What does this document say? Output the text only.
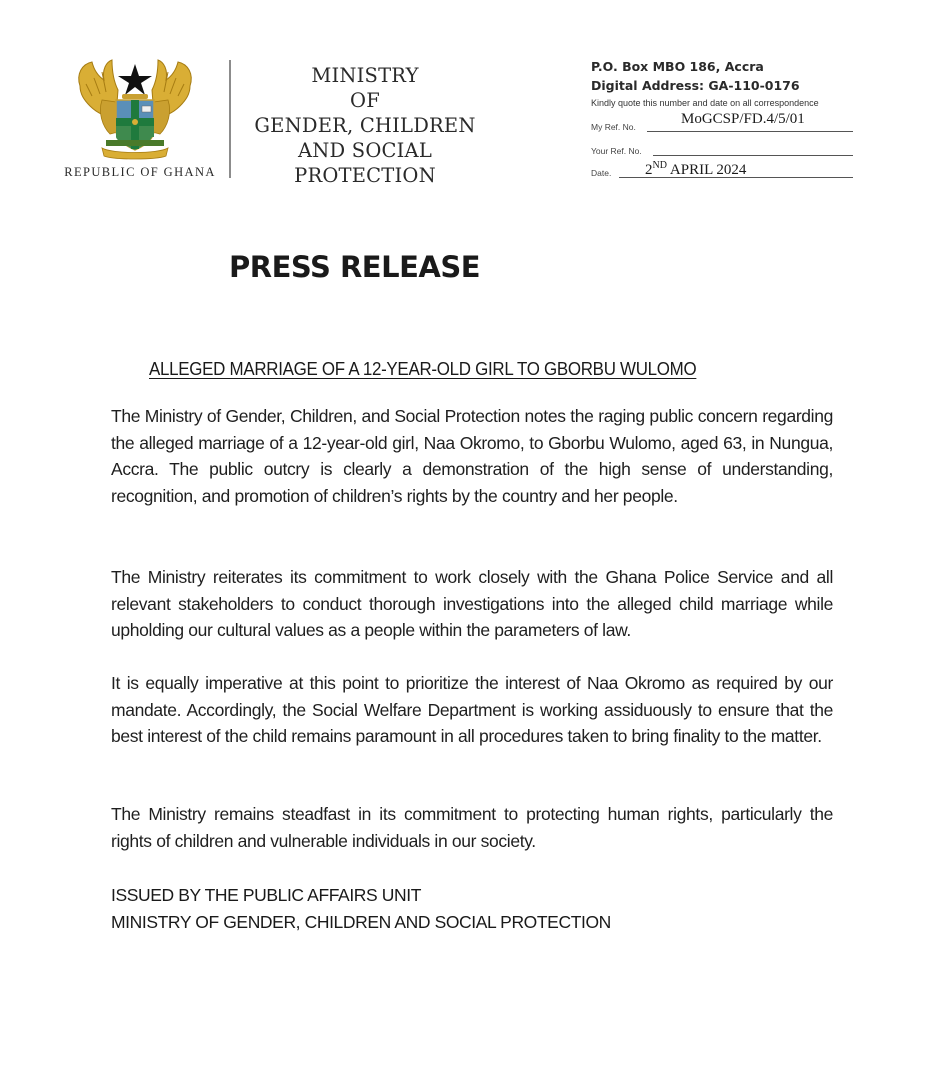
REPUBLIC OF GHANA
MINISTRY
OF
GENDER, CHILDREN
AND SOCIAL
PROTECTION
P.O. Box MBO 186, Accra
Digital Address: GA-110-0176
Kindly quote this number and date on all correspondence
My Ref. No.	MoGCSP/FD.4/5/01
Your Ref. No.
Date. 2ND APRIL 2024
PRESS RELEASE
ALLEGED MARRIAGE OF A 12-YEAR-OLD GIRL TO GBORBU WULOMO
The Ministry of Gender, Children, and Social Protection notes the raging public concern regarding the alleged marriage of a 12-year-old girl, Naa Okromo, to Gborbu Wulomo, aged 63, in Nungua, Accra. The public outcry is clearly a demonstration of the high sense of understanding, recognition, and promotion of children’s rights by the country and her people.
The Ministry reiterates its commitment to work closely with the Ghana Police Service and all relevant stakeholders to conduct thorough investigations into the alleged child marriage while upholding our cultural values as a people within the parameters of law.
It is equally imperative at this point to prioritize the interest of Naa Okromo as required by our mandate. Accordingly, the Social Welfare Department is working assiduously to ensure that the best interest of the child remains paramount in all procedures taken to bring finality to the matter.
The Ministry remains steadfast in its commitment to protecting human rights, particularly the rights of children and vulnerable individuals in our society.
ISSUED BY THE PUBLIC AFFAIRS UNIT
MINISTRY OF GENDER, CHILDREN AND SOCIAL PROTECTION
